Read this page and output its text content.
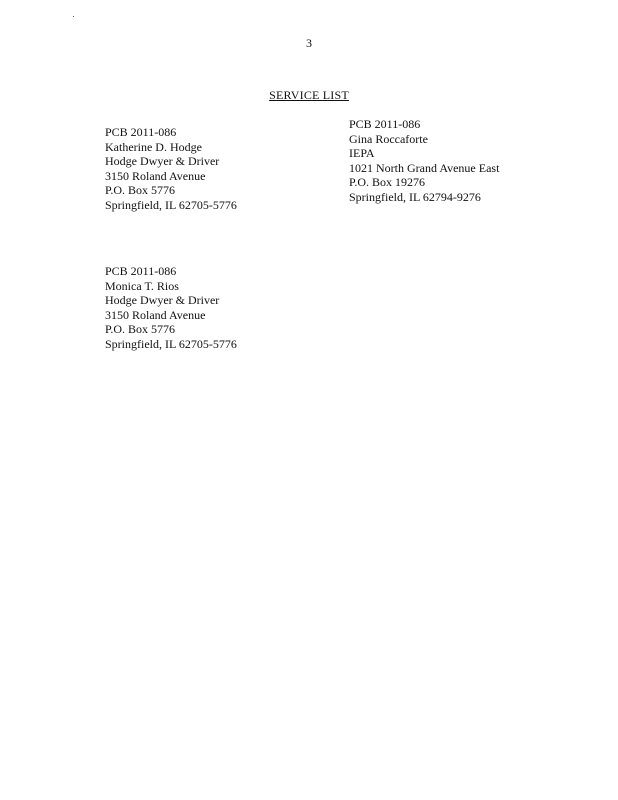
3
SERVICE LIST
PCB 2011-086
Katherine D. Hodge
Hodge Dwyer & Driver
3150 Roland Avenue
P.O. Box 5776
Springfield, IL 62705-5776
PCB 2011-086
Gina Roccaforte
IEPA
1021 North Grand Avenue East
P.O. Box 19276
Springfield, IL 62794-9276
PCB 2011-086
Monica T. Rios
Hodge Dwyer & Driver
3150 Roland Avenue
P.O. Box 5776
Springfield, IL 62705-5776
